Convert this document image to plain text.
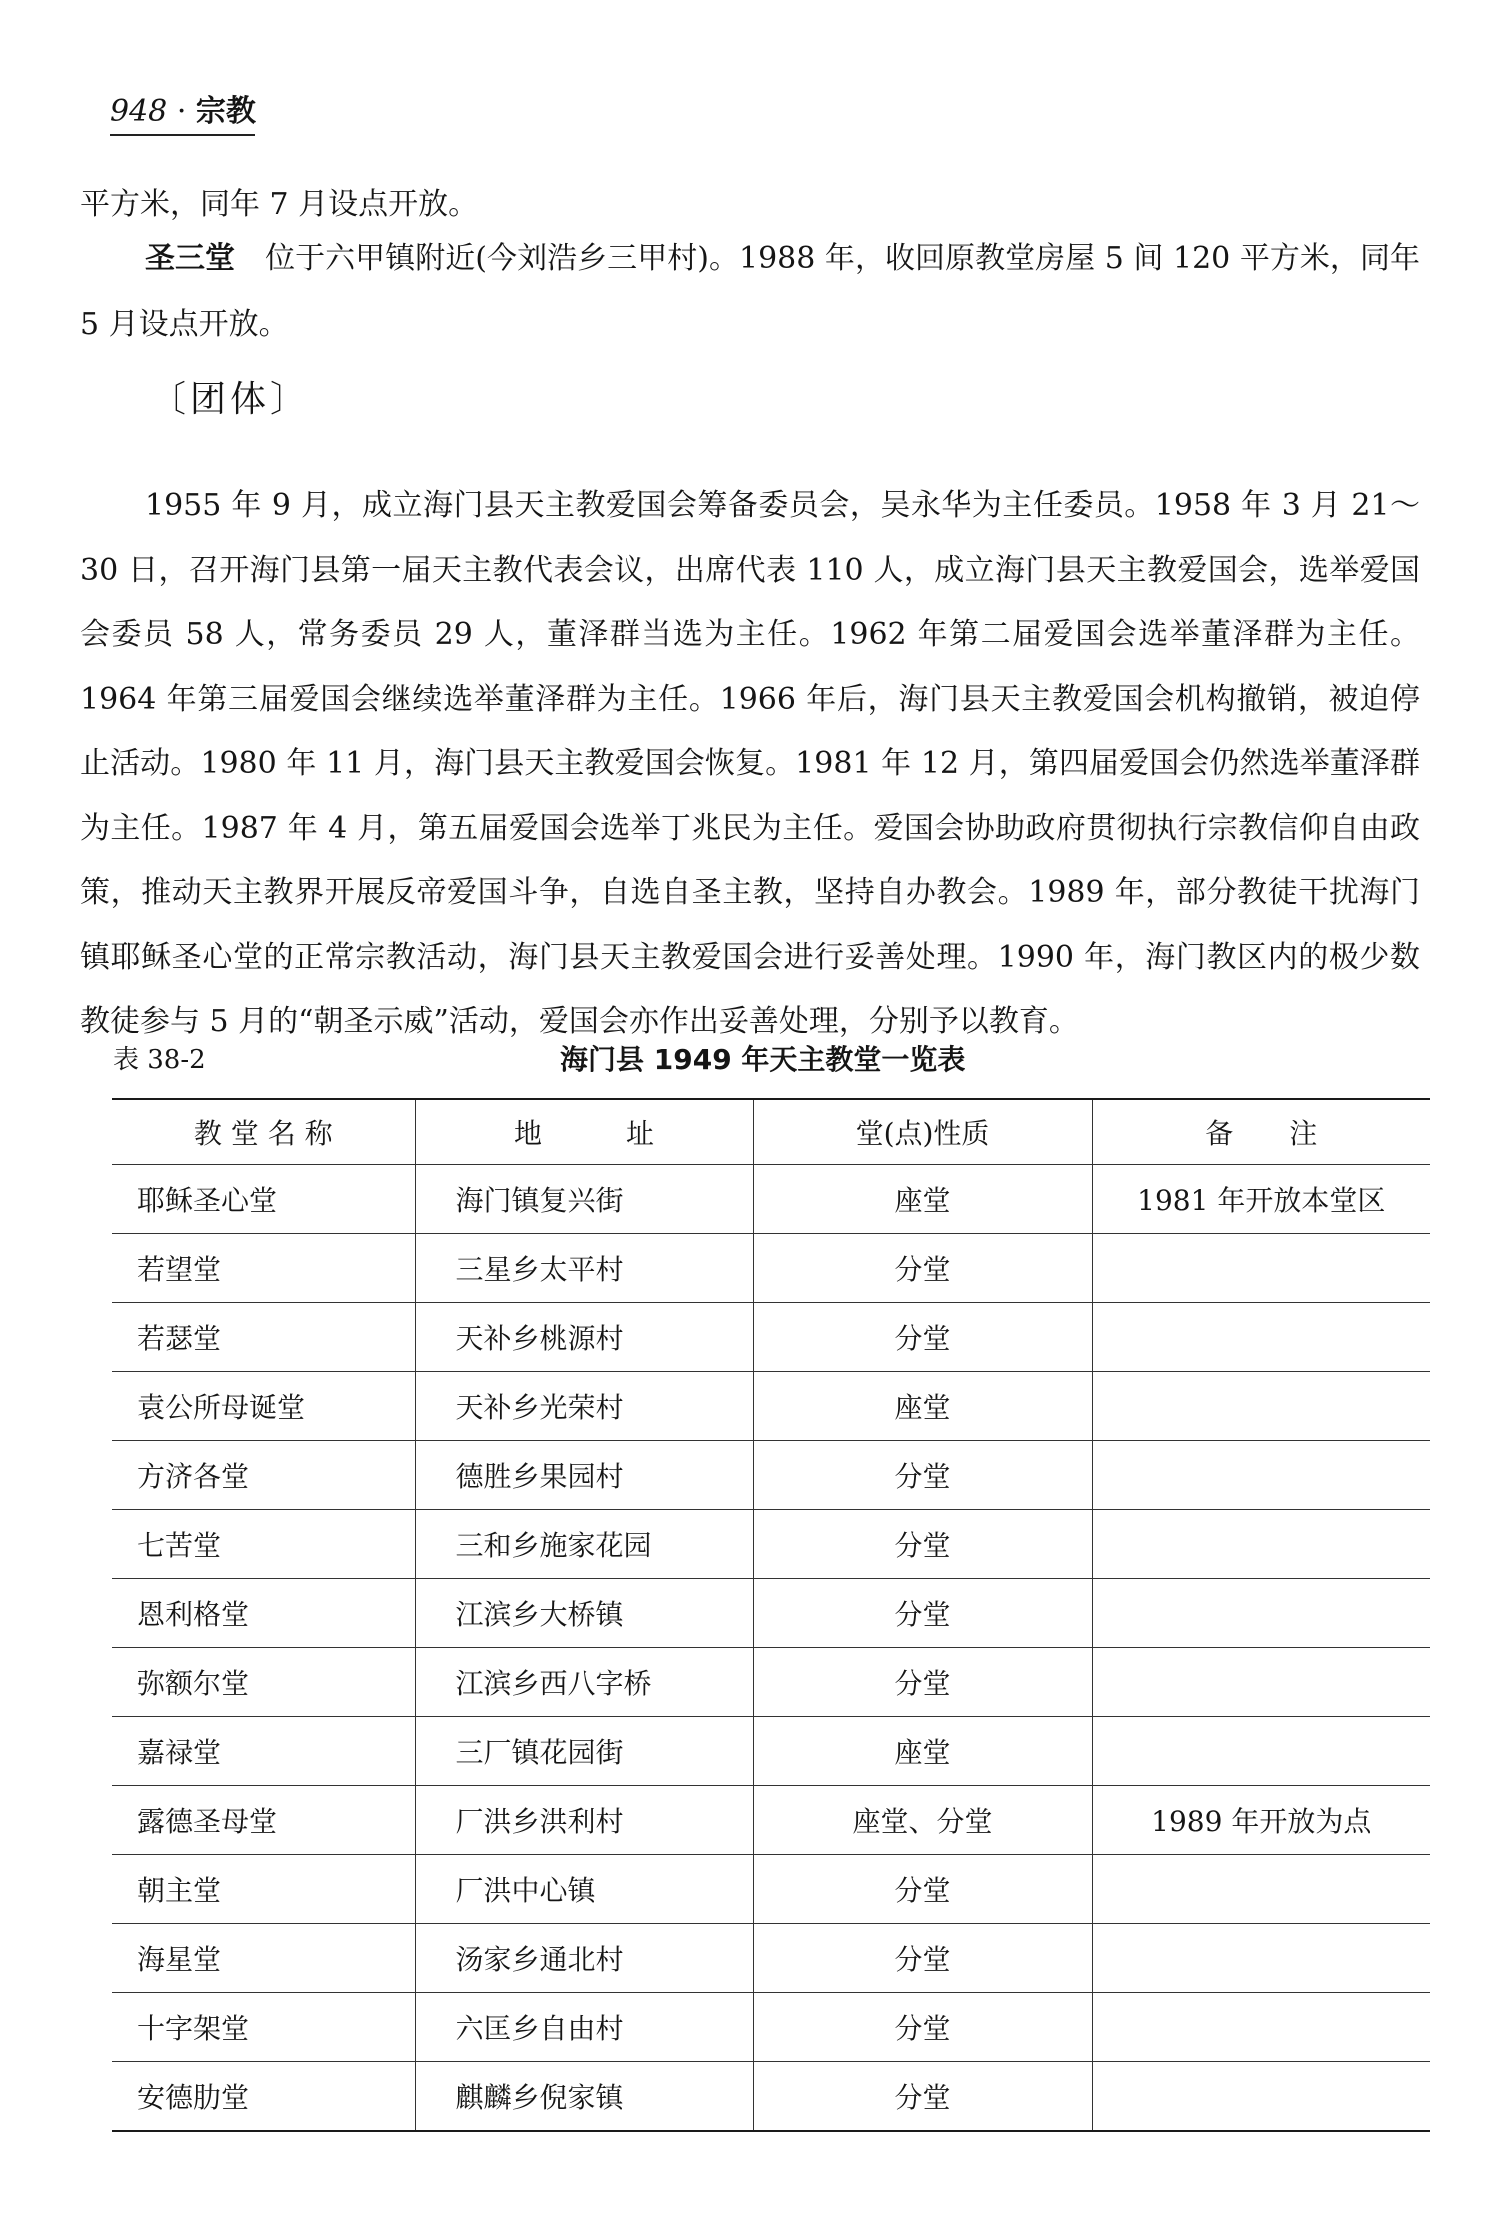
948 · 宗教

平方米，同年 7 月设点开放。

圣三堂 位于六甲镇附近(今刘浩乡三甲村)。1988 年，收回原教堂房屋 5 间 120 平方米，同年 5 月设点开放。

〔团体〕

1955 年 9 月，成立海门县天主教爱国会筹备委员会，吴永华为主任委员。1958 年 3 月 21～30 日，召开海门县第一届天主教代表会议，出席代表 110 人，成立海门县天主教爱国会，选举爱国会委员 58 人，常务委员 29 人，董泽群当选为主任。1962 年第二届爱国会选举董泽群为主任。1964 年第三届爱国会继续选举董泽群为主任。1966 年后，海门县天主教爱国会机构撤销，被迫停止活动。1980 年 11 月，海门县天主教爱国会恢复。1981 年 12 月，第四届爱国会仍然选举董泽群为主任。1987 年 4 月，第五届爱国会选举丁兆民为主任。爱国会协助政府贯彻执行宗教信仰自由政策，推动天主教界开展反帝爱国斗争，自选自圣主教，坚持自办教会。1989 年，部分教徒干扰海门镇耶稣圣心堂的正常宗教活动，海门县天主教爱国会进行妥善处理。1990 年，海门教区内的极少数教徒参与 5 月的“朝圣示威”活动，爱国会亦作出妥善处理，分别予以教育。

表 38-2	海门县 1949 年天主教堂一览表
教 堂 名 称	地　　　址	堂(点)性质	备　　注
耶稣圣心堂	海门镇复兴街	座堂	1981 年开放本堂区
若望堂	三星乡太平村	分堂	
若瑟堂	天补乡桃源村	分堂	
袁公所母诞堂	天补乡光荣村	座堂	
方济各堂	德胜乡果园村	分堂	
七苦堂	三和乡施家花园	分堂	
恩利格堂	江滨乡大桥镇	分堂	
弥额尔堂	江滨乡西八字桥	分堂	
嘉禄堂	三厂镇花园街	座堂	
露德圣母堂	厂洪乡洪利村	座堂、分堂	1989 年开放为点
朝主堂	厂洪中心镇	分堂	
海星堂	汤家乡通北村	分堂	
十字架堂	六匡乡自由村	分堂	
安德肋堂	麒麟乡倪家镇	分堂	
